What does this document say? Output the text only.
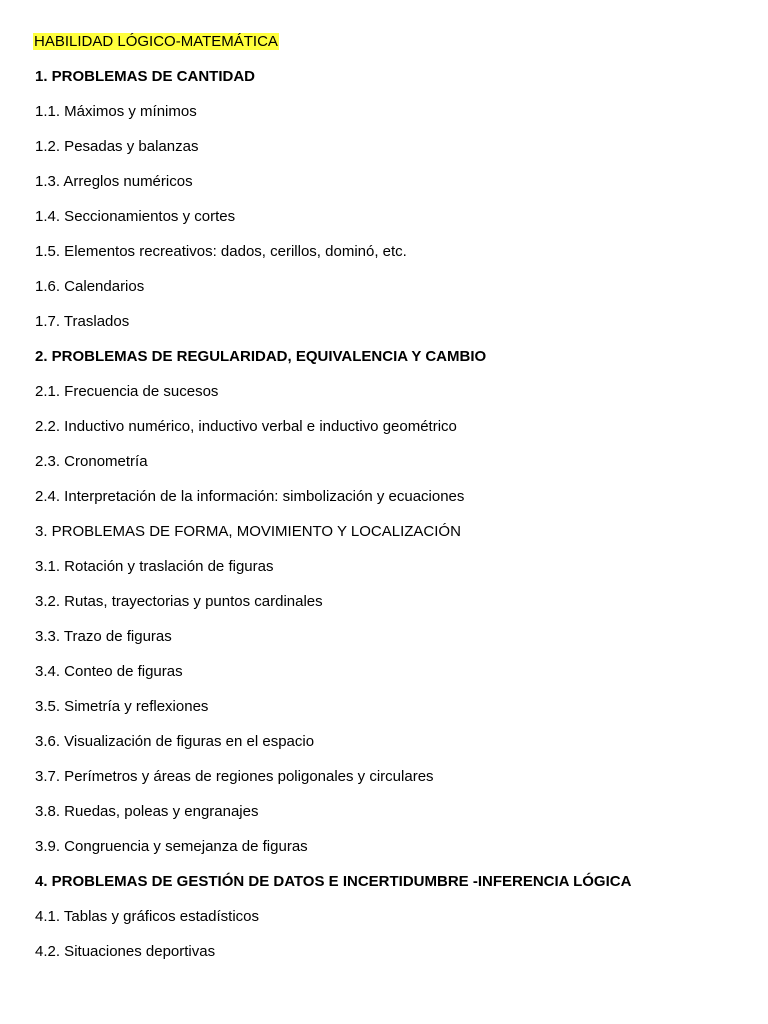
HABILIDAD LÓGICO-MATEMÁTICA
1. PROBLEMAS DE CANTIDAD
1.1. Máximos y mínimos
1.2. Pesadas y balanzas
1.3. Arreglos numéricos
1.4. Seccionamientos y cortes
1.5. Elementos recreativos: dados, cerillos, dominó, etc.
1.6. Calendarios
1.7. Traslados
2. PROBLEMAS DE REGULARIDAD, EQUIVALENCIA Y CAMBIO
2.1. Frecuencia de sucesos
2.2. Inductivo numérico, inductivo verbal e inductivo geométrico
2.3. Cronometría
2.4. Interpretación de la información: simbolización y ecuaciones
3. PROBLEMAS DE FORMA, MOVIMIENTO Y LOCALIZACIÓN
3.1. Rotación y traslación de figuras
3.2. Rutas, trayectorias y puntos cardinales
3.3. Trazo de figuras
3.4. Conteo de figuras
3.5. Simetría y reflexiones
3.6. Visualización de figuras en el espacio
3.7. Perímetros y áreas de regiones poligonales y circulares
3.8. Ruedas, poleas y engranajes
3.9. Congruencia y semejanza de figuras
4. PROBLEMAS DE GESTIÓN DE DATOS E INCERTIDUMBRE -INFERENCIA LÓGICA
4.1. Tablas y gráficos estadísticos
4.2. Situaciones deportivas
